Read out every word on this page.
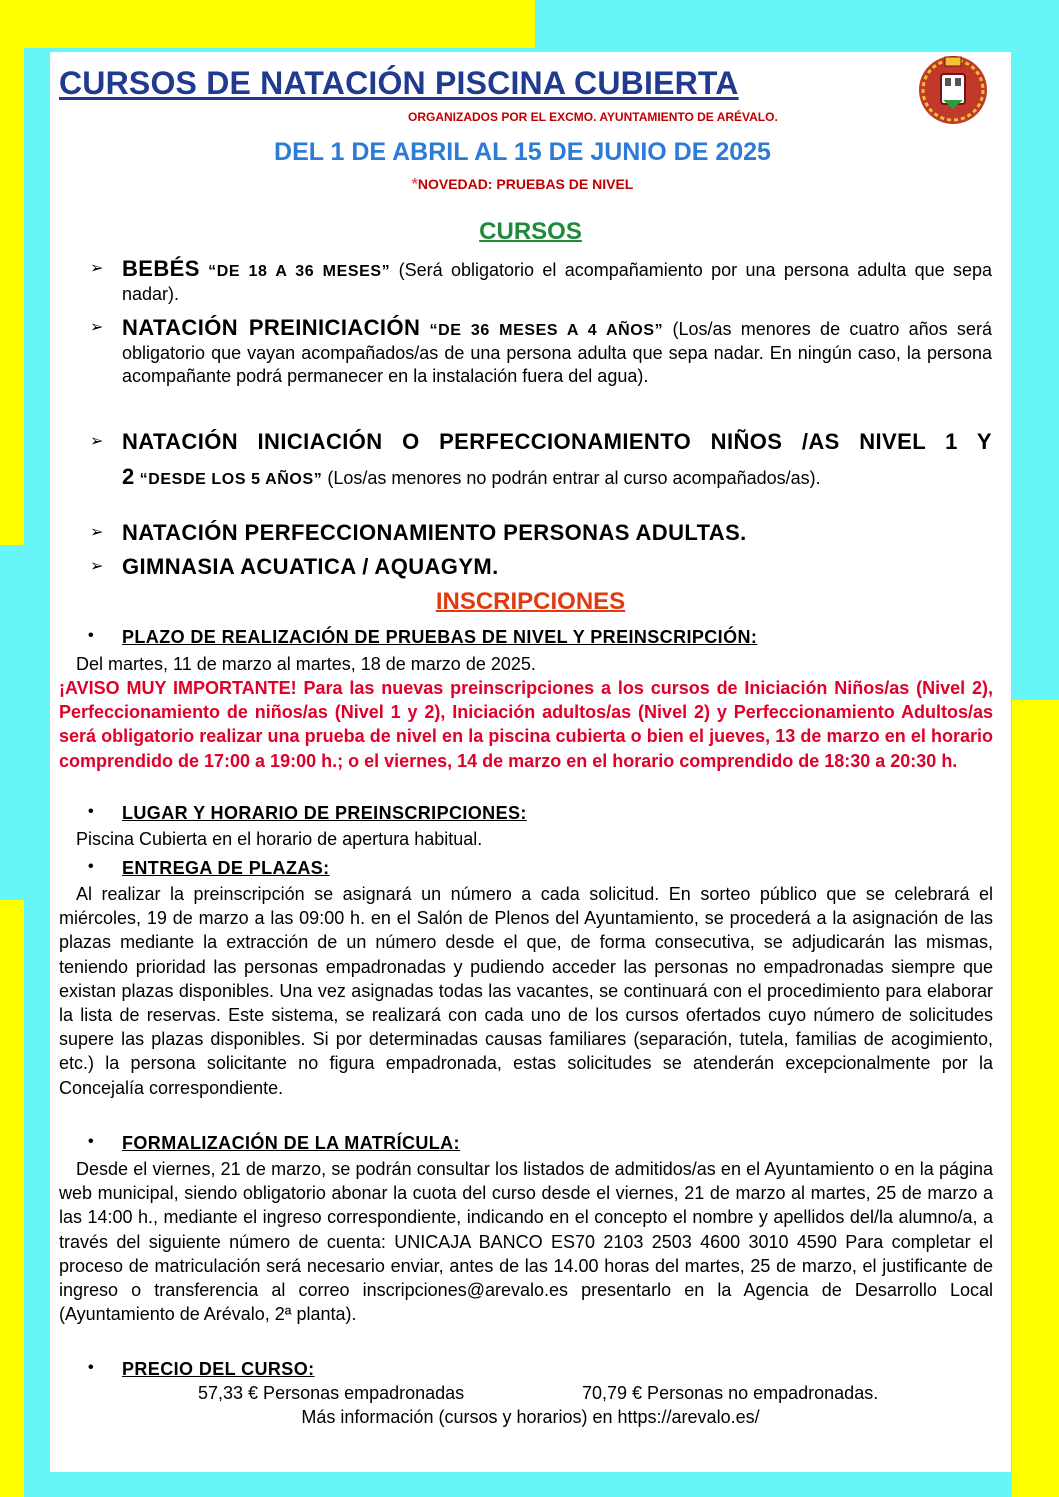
CURSOS DE NATACIÓN PISCINA CUBIERTA
ORGANIZADOS POR EL EXCMO. AYUNTAMIENTO DE ARÉVALO.
DEL 1 DE ABRIL AL 15 DE JUNIO DE 2025
*NOVEDAD: PRUEBAS DE NIVEL
CURSOS
➢ BEBÉS “DE 18 A 36 MESES” (Será obligatorio el acompañamiento por una persona adulta que sepa nadar).
➢ NATACIÓN PREINICIACIÓN “DE 36 MESES A 4 AÑOS” (Los/as menores de cuatro años será obligatorio que vayan acompañados/as de una persona adulta que sepa nadar. En ningún caso, la persona acompañante podrá permanecer en la instalación fuera del agua).
➢ NATACIÓN INICIACIÓN O PERFECCIONAMIENTO NIÑOS /AS NIVEL 1 Y 2 “DESDE LOS 5 AÑOS” (Los/as menores no podrán entrar al curso acompañados/as).
➢ NATACIÓN PERFECCIONAMIENTO PERSONAS ADULTAS.
➢ GIMNASIA ACUATICA / AQUAGYM.
INSCRIPCIONES
• PLAZO DE REALIZACIÓN DE PRUEBAS DE NIVEL Y PREINSCRIPCIÓN:
Del martes, 11 de marzo al martes, 18 de marzo de 2025.
¡AVISO MUY IMPORTANTE! Para las nuevas preinscripciones a los cursos de Iniciación Niños/as (Nivel 2), Perfeccionamiento de niños/as (Nivel 1 y 2), Iniciación adultos/as (Nivel 2) y Perfeccionamiento Adultos/as será obligatorio realizar una prueba de nivel en la piscina cubierta o bien el jueves, 13 de marzo en el horario comprendido de 17:00 a 19:00 h.; o el viernes, 14 de marzo en el horario comprendido de 18:30 a 20:30 h.
• LUGAR Y HORARIO DE PREINSCRIPCIONES:
Piscina Cubierta en el horario de apertura habitual.
• ENTREGA DE PLAZAS:
Al realizar la preinscripción se asignará un número a cada solicitud. En sorteo público que se celebrará el miércoles, 19 de marzo a las 09:00 h. en el Salón de Plenos del Ayuntamiento, se procederá a la asignación de las plazas mediante la extracción de un número desde el que, de forma consecutiva, se adjudicarán las mismas, teniendo prioridad las personas empadronadas y pudiendo acceder las personas no empadronadas siempre que existan plazas disponibles. Una vez asignadas todas las vacantes, se continuará con el procedimiento para elaborar la lista de reservas. Este sistema, se realizará con cada uno de los cursos ofertados cuyo número de solicitudes supere las plazas disponibles. Si por determinadas causas familiares (separación, tutela, familias de acogimiento, etc.) la persona solicitante no figura empadronada, estas solicitudes se atenderán excepcionalmente por la Concejalía correspondiente.
• FORMALIZACIÓN DE LA MATRÍCULA:
Desde el viernes, 21 de marzo, se podrán consultar los listados de admitidos/as en el Ayuntamiento o en la página web municipal, siendo obligatorio abonar la cuota del curso desde el viernes, 21 de marzo al martes, 25 de marzo a las 14:00 h., mediante el ingreso correspondiente, indicando en el concepto el nombre y apellidos del/la alumno/a, a través del siguiente número de cuenta: UNICAJA BANCO ES70 2103 2503 4600 3010 4590 Para completar el proceso de matriculación será necesario enviar, antes de las 14.00 horas del martes, 25 de marzo, el justificante de ingreso o transferencia al correo inscripciones@arevalo.es presentarlo en la Agencia de Desarrollo Local (Ayuntamiento de Arévalo, 2ª planta).
• PRECIO DEL CURSO:
57,33 € Personas empadronadas	70,79 € Personas no empadronadas.
Más información (cursos y horarios) en https://arevalo.es/
